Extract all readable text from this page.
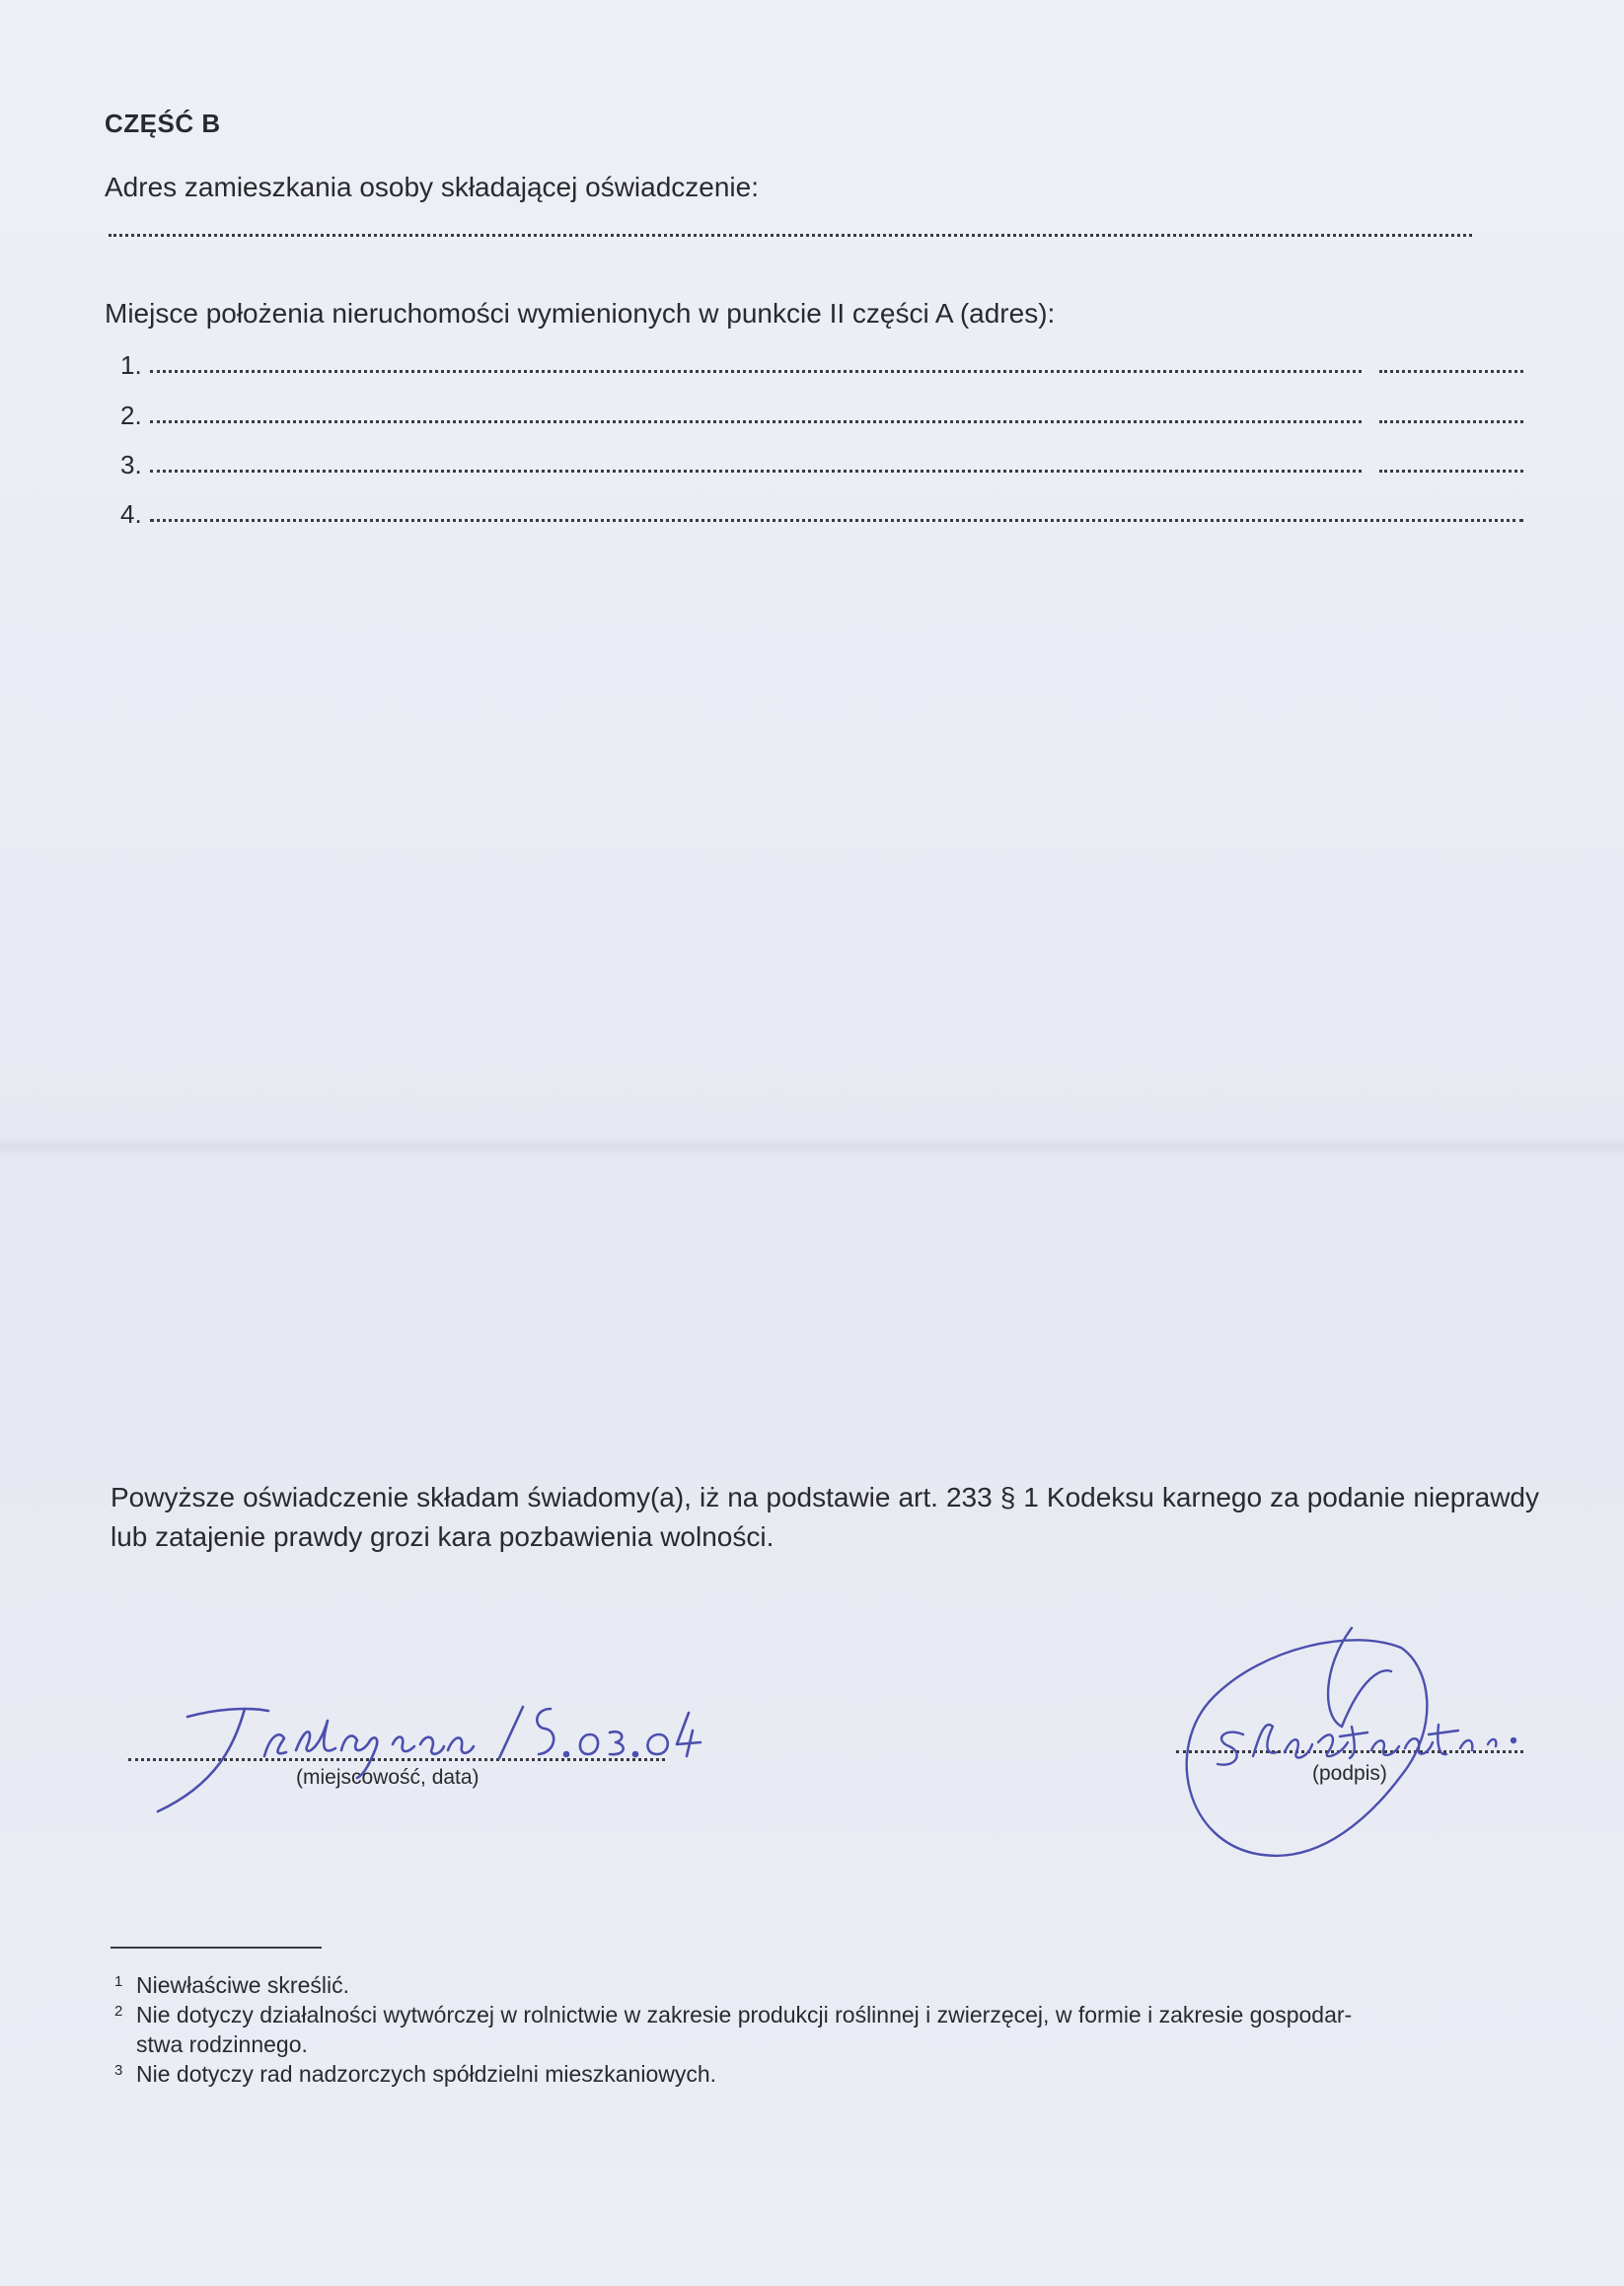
CZĘŚĆ B
Adres zamieszkania osoby składającej oświadczenie:
Miejsce położenia nieruchomości wymienionych w punkcie II części A (adres):
1.
2.
3.
4.
Powyższe oświadczenie składam świadomy(a), iż na podstawie art. 233 § 1 Kodeksu karnego za podanie nieprawdy lub zatajenie prawdy grozi kara pozbawienia wolności.
(miejscowość, data)	(podpis)
$^1$ Niewłaściwe skreślić.
$^2$ Nie dotyczy działalności wytwórczej w rolnictwie w zakresie produkcji roślinnej i zwierzęcej, w formie i zakresie gospodar-
stwa rodzinnego.
$^3$ Nie dotyczy rad nadzorczych spółdzielni mieszkaniowych.
